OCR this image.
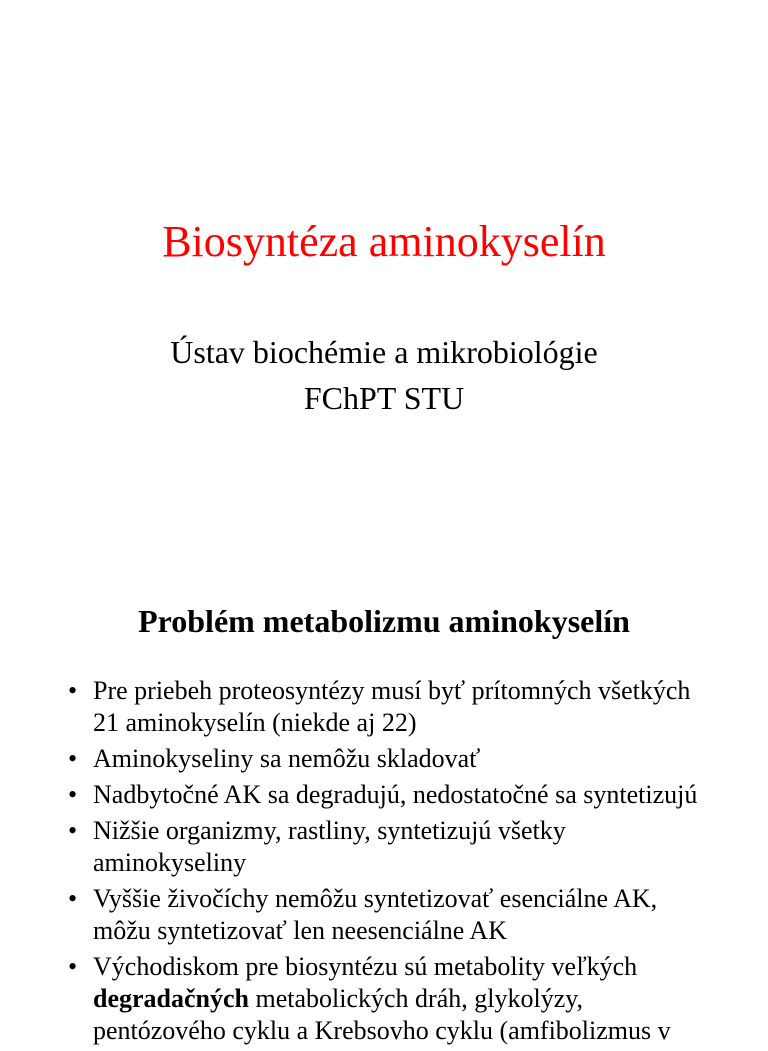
Biosyntéza aminokyselín
Ústav biochémie a mikrobiológie
FChPT STU
Problém metabolizmu aminokyselín
• Pre priebeh proteosyntézy musí byť prítomných všetkých
21 aminokyselín (niekde aj 22)
• Aminokyseliny sa nemôžu skladovať
• Nadbytočné AK sa degradujú, nedostatočné sa syntetizujú
• Nižšie organizmy, rastliny, syntetizujú všetky
aminokyseliny
• Vyššie živočíchy nemôžu syntetizovať esenciálne AK,
môžu syntetizovať len neesenciálne AK
• Východiskom pre biosyntézu sú metabolity veľkých
degradačných metabolických dráh, glykolýzy,
pentózového cyklu a Krebsovho cyklu (amfibolizmus v
